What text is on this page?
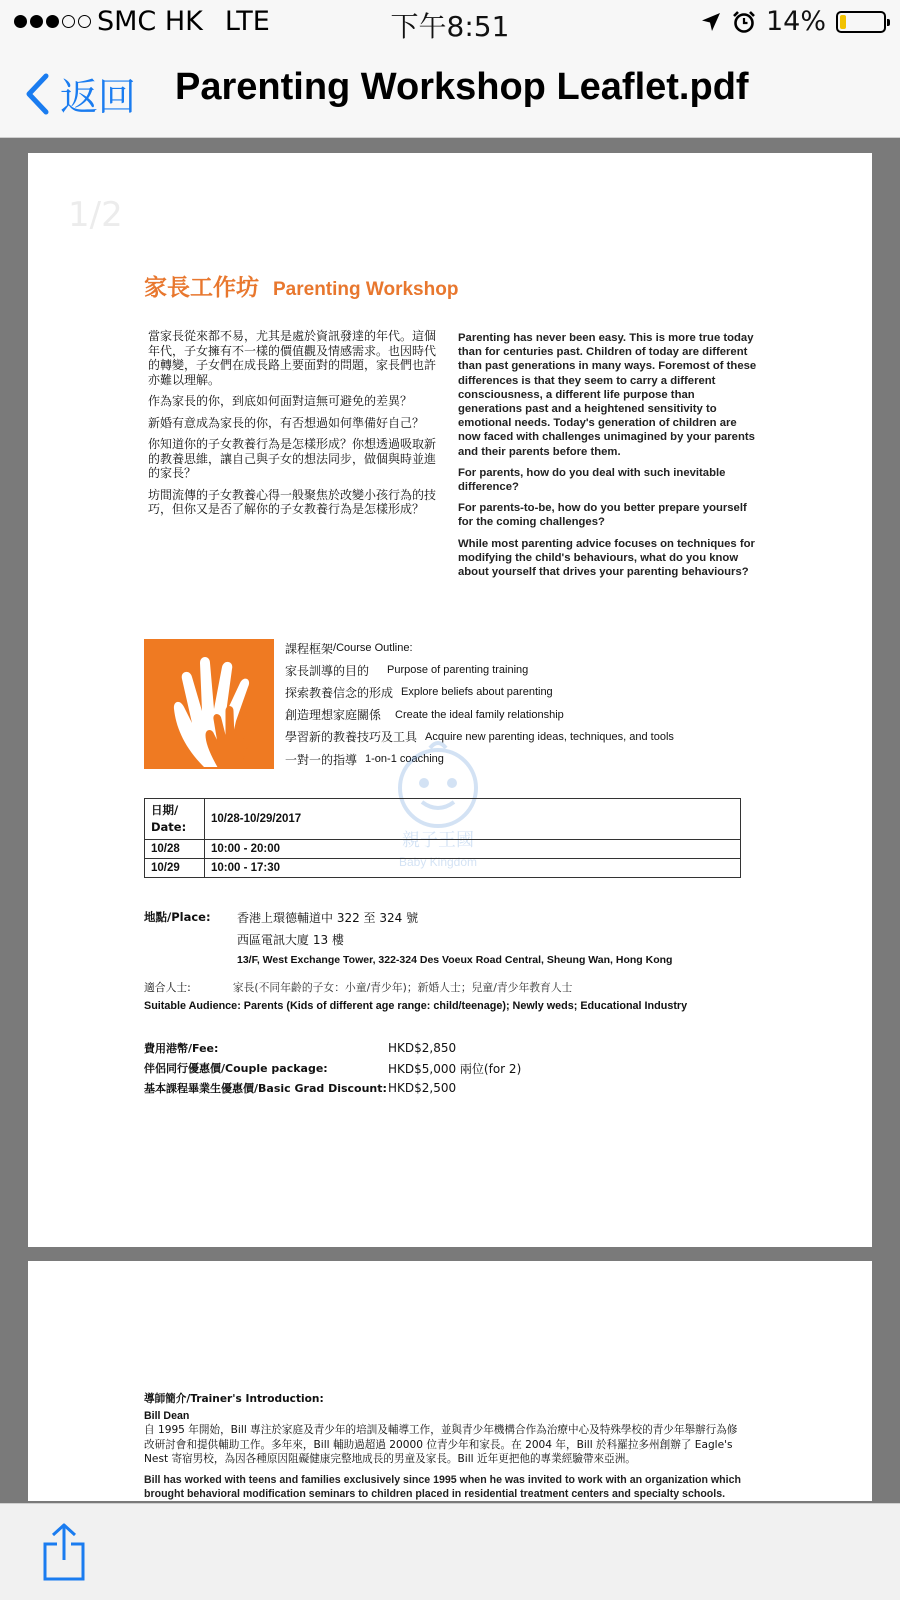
SMC HK LTE	下午8:51	14%
返回 Parenting Workshop Leaflet.pdf
1/2
家長工作坊 Parenting Workshop

當家長從來都不易，尤其是處於資訊發達的年代。這個年代，子女擁有不一樣的價值觀及情感需求。也因時代的轉變，子女們在成長路上要面對的問題，家長們也許亦難以理解。

作為家長的你，到底如何面對這無可避免的差異？

新婚有意成為家長的你，有否想過如何準備好自己？

你知道你的子女教養行為是怎樣形成？你想透過吸取新的教養思維，讓自己與子女的想法同步，做個與時並進的家長？

坊間流傳的子女教養心得一般聚焦於改變小孩行為的技巧，但你又是否了解你的子女教養行為是怎樣形成？

Parenting has never been easy. This is more true today than for centuries past. Children of today are different than past generations in many ways. Foremost of these differences is that they seem to carry a different consciousness, a different life purpose than generations past and a heightened sensitivity to emotional needs. Today's generation of children are now faced with challenges unimagined by your parents and their parents before them.

For parents, how do you deal with such inevitable difference?

For parents-to-be, how do you better prepare yourself for the coming challenges?

While most parenting advice focuses on techniques for modifying the child's behaviours, what do you know about yourself that drives your parenting behaviours?

課程框架 /Course Outline:
家長訓導的目的 Purpose of parenting training
探索教養信念的形成 Explore beliefs about parenting
創造理想家庭關係 Create the ideal family relationship
學習新的教養技巧及工具 Acquire new parenting ideas, techniques, and tools
一對一的指導 1-on-1 coaching
親子王國
Baby Kingdom
日期/
Date:	10/28-10/29/2017
10/28	10:00 - 20:00
10/29	10:00 - 17:30
地點/Place: 香港上環德輔道中 322 至 324 號
西區電訊大廈 13 樓
13/F, West Exchange Tower, 322-324 Des Voeux Road Central, Sheung Wan, Hong Kong
適合人士:	家長(不同年齡的子女：小童/青少年)；新婚人士；兒童/青少年教育人士
Suitable Audience: Parents (Kids of different age range: child/teenage); Newly weds; Educational Industry
費用港幣/Fee:	HKD$2,850
伴侶同行優惠價/Couple package:	HKD$5,000 兩位(for 2)
基本課程畢業生優惠價/Basic Grad Discount: HKD$2,500
導師簡介/Trainer's Introduction:
Bill Dean
自 1995 年開始，Bill 專注於家庭及青少年的培訓及輔導工作，並與青少年機構合作為治療中心及特殊學校的青少年舉辦行為修改研討會和提供輔助工作。多年來，Bill 輔助過超過 20000 位青少年和家長。在 2004 年，Bill 於科羅拉多州創辦了 Eagle's Nest 寄宿男校，為因各種原因阻礙健康完整地成長的男童及家長。Bill 近年更把他的專業經驗帶來亞洲。
Bill has worked with teens and families exclusively since 1995 when he was invited to work with an organization which brought behavioral modification seminars to children placed in residential treatment centers and specialty schools.
